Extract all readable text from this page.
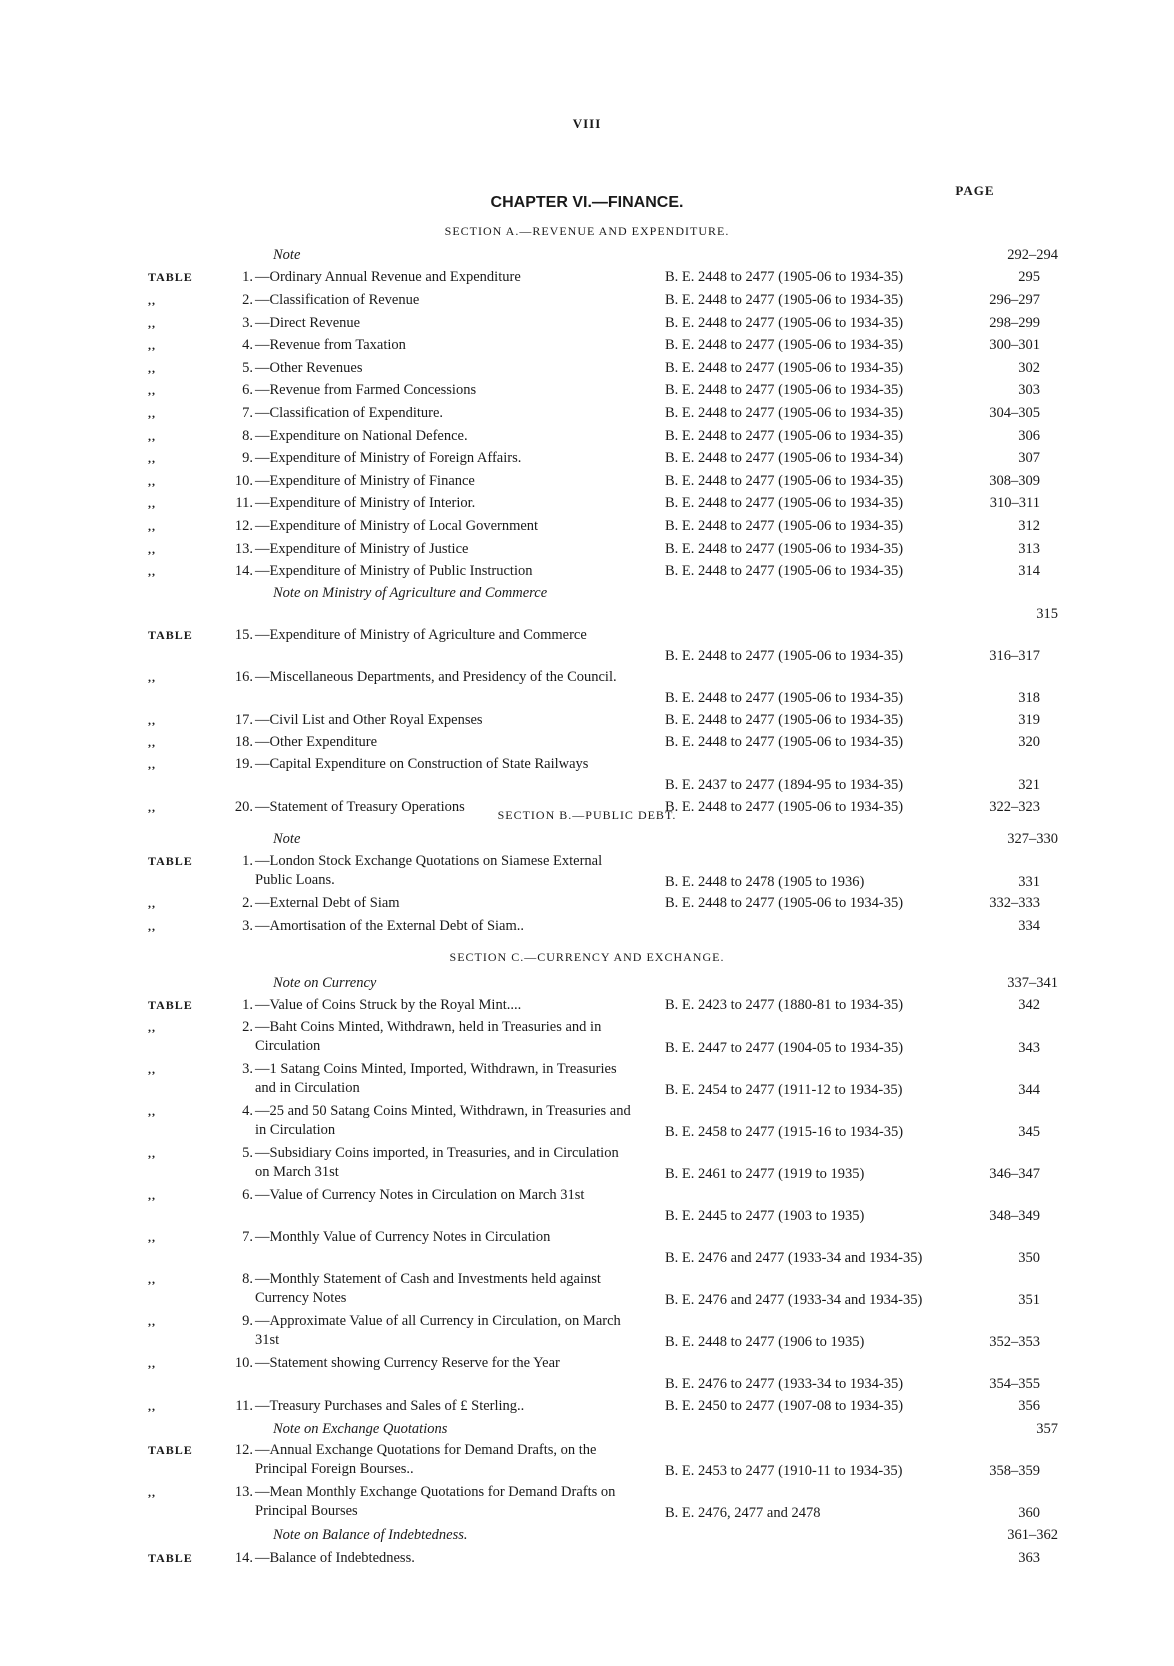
VIII
CHAPTER VI.—FINANCE.
PAGE
SECTION A.—REVENUE AND EXPENDITURE.
Note	292–294
TABLE	1. —Ordinary Annual Revenue and Expenditure	B. E. 2448 to 2477 (1905-06 to 1934-35)	295
,,	2. —Classification of Revenue	B. E. 2448 to 2477 (1905-06 to 1934-35)	296–297
,,	3. —Direct Revenue	B. E. 2448 to 2477 (1905-06 to 1934-35)	298–299
,,	4. —Revenue from Taxation	B. E. 2448 to 2477 (1905-06 to 1934-35)	300–301
,,	5. —Other Revenues	B. E. 2448 to 2477 (1905-06 to 1934-35)	302
,,	6. —Revenue from Farmed Concessions	B. E. 2448 to 2477 (1905-06 to 1934-35)	303
,,	7. —Classification of Expenditure.	B. E. 2448 to 2477 (1905-06 to 1934-35)	304–305
,,	8. —Expenditure on National Defence.	B. E. 2448 to 2477 (1905-06 to 1934-35)	306
,,	9. —Expenditure of Ministry of Foreign Affairs.	B. E. 2448 to 2477 (1905-06 to 1934-34)	307
,,	10. —Expenditure of Ministry of Finance	B. E. 2448 to 2477 (1905-06 to 1934-35)	308–309
,,	11. —Expenditure of Ministry of Interior.	B. E. 2448 to 2477 (1905-06 to 1934-35)	310–311
,,	12. —Expenditure of Ministry of Local Government	B. E. 2448 to 2477 (1905-06 to 1934-35)	312
,,	13. —Expenditure of Ministry of Justice	B. E. 2448 to 2477 (1905-06 to 1934-35)	313
,,	14. —Expenditure of Ministry of Public Instruction	B. E. 2448 to 2477 (1905-06 to 1934-35)	314
Note on Ministry of Agriculture and Commerce
315
TABLE	15. —Expenditure of Ministry of Agriculture and Commerce
B. E. 2448 to 2477 (1905-06 to 1934-35)	316–317
,,	16. —Miscellaneous Departments, and Presidency of the Council.
B. E. 2448 to 2477 (1905-06 to 1934-35)	318
,,	17. —Civil List and Other Royal Expenses	B. E. 2448 to 2477 (1905-06 to 1934-35)	319
,,	18. —Other Expenditure	B. E. 2448 to 2477 (1905-06 to 1934-35)	320
,,	19. —Capital Expenditure on Construction of State Railways
B. E. 2437 to 2477 (1894-95 to 1934-35)	321
,,	20. —Statement of Treasury Operations	B. E. 2448 to 2477 (1905-06 to 1934-35)	322–323
SECTION B.—PUBLIC DEBT.
Note	327–330
TABLE	1. —London Stock Exchange Quotations on Siamese External Public Loans.	B. E. 2448 to 2478 (1905 to 1936)	331
,,	2. —External Debt of Siam	B. E. 2448 to 2477 (1905-06 to 1934-35)	332–333
,,	3. —Amortisation of the External Debt of Siam..	334
SECTION C.—CURRENCY AND EXCHANGE.
Note on Currency	337–341
TABLE	1. —Value of Coins Struck by the Royal Mint....	B. E. 2423 to 2477 (1880-81 to 1934-35)	342
,,	2. —Baht Coins Minted, Withdrawn, held in Treasuries and in Circulation	B. E. 2447 to 2477 (1904-05 to 1934-35)	343
,,	3. —1 Satang Coins Minted, Imported, Withdrawn, in Treasuries and in Circulation	B. E. 2454 to 2477 (1911-12 to 1934-35)	344
,,	4. —25 and 50 Satang Coins Minted, Withdrawn, in Treasuries and in Circulation	B. E. 2458 to 2477 (1915-16 to 1934-35)	345
,,	5. —Subsidiary Coins imported, in Treasuries, and in Circulation on March 31st	B. E. 2461 to 2477 (1919 to 1935)	346–347
,,	6. —Value of Currency Notes in Circulation on March 31st
B. E. 2445 to 2477 (1903 to 1935)	348–349
,,	7. —Monthly Value of Currency Notes in Circulation
B. E. 2476 and 2477 (1933-34 and 1934-35)	350
,,	8. —Monthly Statement of Cash and Investments held against Currency Notes	B. E. 2476 and 2477 (1933-34 and 1934-35)	351
,,	9. —Approximate Value of all Currency in Circulation, on March 31st	B. E. 2448 to 2477 (1906 to 1935)	352–353
,,	10. —Statement showing Currency Reserve for the Year
B. E. 2476 to 2477 (1933-34 to 1934-35)	354–355
,,	11. —Treasury Purchases and Sales of £ Sterling..	B. E. 2450 to 2477 (1907-08 to 1934-35)	356
Note on Exchange Quotations	357
TABLE	12. —Annual Exchange Quotations for Demand Drafts, on the Principal Foreign Bourses..	B. E. 2453 to 2477 (1910-11 to 1934-35)	358–359
,,	13. —Mean Monthly Exchange Quotations for Demand Drafts on Principal Bourses	B. E. 2476, 2477 and 2478	360
Note on Balance of Indebtedness.	361–362
TABLE	14. —Balance of Indebtedness.	363
